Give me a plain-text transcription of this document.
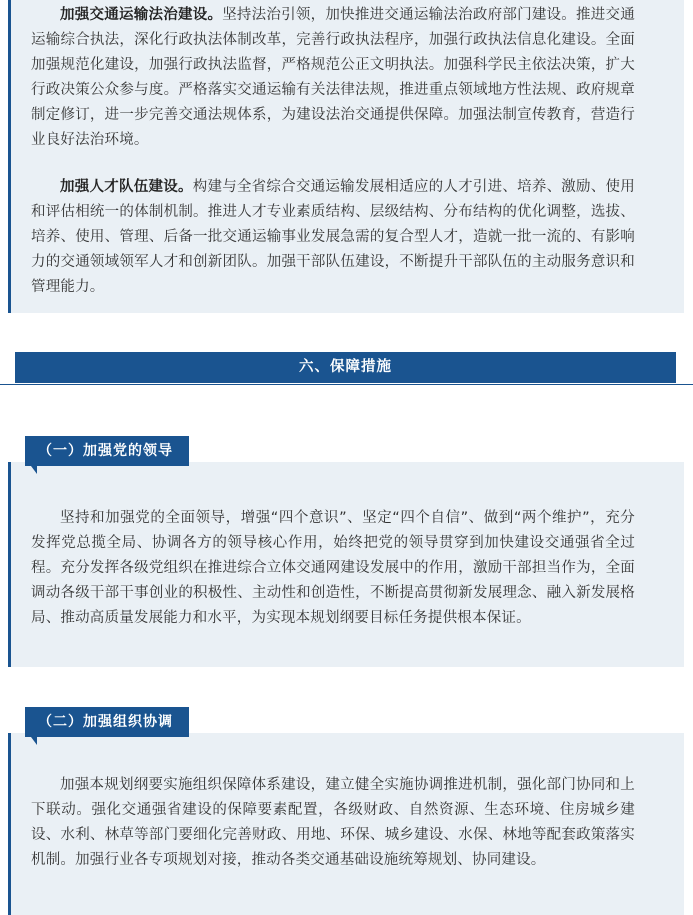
加强交通运输法治建设。坚持法治引领，加快推进交通运输法治政府部门建设。推进交通运输综合执法，深化行政执法体制改革，完善行政执法程序，加强行政执法信息化建设。全面加强规范化建设，加强行政执法监督，严格规范公正文明执法。加强科学民主依法决策，扩大行政决策公众参与度。严格落实交通运输有关法律法规，推进重点领域地方性法规、政府规章制定修订，进一步完善交通法规体系，为建设法治交通提供保障。加强法制宣传教育，营造行业良好法治环境。

加强人才队伍建设。构建与全省综合交通运输发展相适应的人才引进、培养、激励、使用和评估相统一的体制机制。推进人才专业素质结构、层级结构、分布结构的优化调整，选拔、培养、使用、管理、后备一批交通运输事业发展急需的复合型人才，造就一批一流的、有影响力的交通领域领军人才和创新团队。加强干部队伍建设，不断提升干部队伍的主动服务意识和管理能力。

六、保障措施
（一）加强党的领导

坚持和加强党的全面领导，增强“四个意识”、坚定“四个自信”、做到“两个维护”，充分发挥党总揽全局、协调各方的领导核心作用，始终把党的领导贯穿到加快建设交通强省全过程。充分发挥各级党组织在推进综合立体交通网建设发展中的作用，激励干部担当作为，全面调动各级干部干事创业的积极性、主动性和创造性，不断提高贯彻新发展理念、融入新发展格局、推动高质量发展能力和水平，为实现本规划纲要目标任务提供根本保证。

（二）加强组织协调

加强本规划纲要实施组织保障体系建设，建立健全实施协调推进机制，强化部门协同和上下联动。强化交通强省建设的保障要素配置，各级财政、自然资源、生态环境、住房城乡建设、水利、林草等部门要细化完善财政、用地、环保、城乡建设、水保、林地等配套政策落实机制。加强行业各专项规划对接，推动各类交通基础设施统筹规划、协同建设。
